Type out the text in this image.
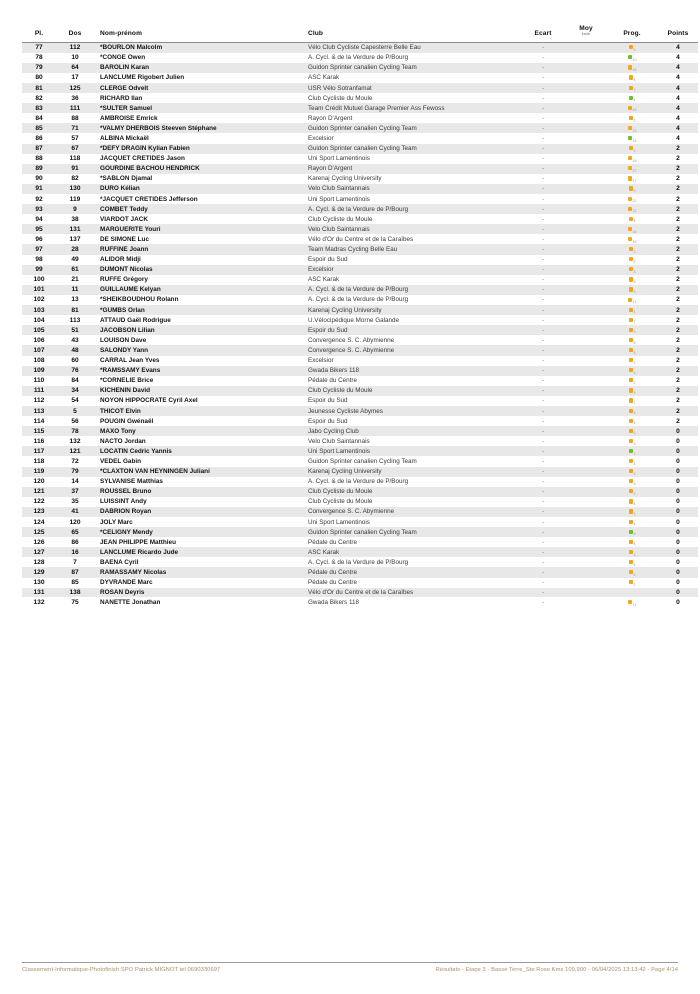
Pl.	Dos	Nom-prénom	Club	Ecart	Moy
km/h	Prog.	Points
77	112	*BOURLON Malcolm	Vélo Club Cycliste Capesterre Belle Eau	-		5	4
78	10	*CONGE Owen	A. Cycl. & de la Verdure de P/Bourg	-		10	4
79	64	BAROLIN Karan	Guidon Sprinter canalien Cycling Team	-		15	4
80	17	LANCLUME Rigobert Julien	ASC Karak	-		4	4
81	125	CLERGE Odvelt	USR Vélo Sotranfamat	-		7	4
82	36	RICHARD Ilan	Club Cycliste du Moule	-		4	4
83	111	*SULTER Samuel	Team Crédit Mutuel Garage Premier Ass Fewoss	-		23	4
84	88	AMBROISE Emrick	Rayon D'Argent	-		3	4
85	71	*VALMY DHERBOIS Steeven Stéphane	Guidon Sprinter canalien Cycling Team	-		13	4
86	57	ALBINA Mickaël	Excelsior	-		14	4
87	67	*DEFY DRAGIN Kylian Fabien	Guidon Sprinter canalien Cycling Team	-		2	2
88	118	JACQUET CRETIDES Jason	Uni Sport Lamentinois	-		18	2
89	91	GOURDINE BACHOU HENDRICK	Rayon D'Argent	-		27	2
90	82	*SABLON Djamal	Karenaj Cycling University	-		17	2
91	130	DURO Kélian	Velo Club Saintannais	-		9	2
92	119	*JACQUET CRETIDES Jefferson	Uni Sport Lamentinois	-		22	2
93	9	COMBET Teddy	A. Cycl. & de la Verdure de P/Bourg	-		12	2
94	38	VIARDOT JACK	Club Cycliste du Moule	-		8	2
95	131	MARGUERITE Youri	Velo Club Saintannais	-		16	2
96	137	DE SIMONE Luc	Vélo d'Or du Centre et de la Caraïbes	-		19	2
97	28	RUFFINE Joann	Team Madras Cycling Belle Eau	-		2	2
98	49	ALIDOR Midji	Espoir du Sud	-		6	2
99	61	DUMONT Nicolas	Excelsior	-		3	2
100	21	RUFFE Grégory	ASC Karak	-		5	2
101	11	GUILLAUME Kelyan	A. Cycl. & de la Verdure de P/Bourg	-		9	2
102	13	*SHEIKBOUDHOU Rolann	A. Cycl. & de la Verdure de P/Bourg	-		11	2
103	81	*GUMBS Orlan	Karenaj Cycling University	-		4	2
104	113	ATTAUD Gaël Rodrigue	U.Vélocipédique Morne Galande	-		7	2
105	51	JACOBSON Lilian	Espoir du Sud	-		3	2
106	43	LOUISON Dave	Convergence S. C. Abymienne	-		8	2
107	48	SALONDY Yann	Convergence S. C. Abymienne	-		5	2
108	60	CARRAL Jean Yves	Excelsior	-		2	2
109	76	*RAMSSAMY Evans	Gwada Bikers 118	-		6	2
110	84	*CORNELIE Brice	Pédale du Centre	-		2	2
111	34	KICHENIN David	Club Cycliste du Moule	-		5	2
112	54	NOYON HIPPOCRATE Cyril Axel	Espoir du Sud	-		1	2
113	5	THICOT Elvin	Jeunesse Cycliste Abymes	-		3	2
114	56	POUGIN Gwénaël	Espoir du Sud	-		4	2
115	78	MAXO Tony	Jabo Cycling Club	-		6	0
116	132	NACTO Jordan	Velo Club Saintannais	-		9	0
117	121	LOCATIN Cedric Yannis	Uni Sport Lamentinois	-		2	0
118	72	VEDEL Gabin	Guidon Sprinter canalien Cycling Team	-		4	0
119	79	*CLAXTON VAN HEYNINGEN Juliani	Karenaj Cycling University	-		5	0
120	14	SYLVANISE Matthias	A. Cycl. & de la Verdure de P/Bourg	-		6	0
121	37	ROUSSEL Bruno	Club Cycliste du Moule	-		3	0
122	35	LUISSINT Andy	Club Cycliste du Moule	-		4	0
123	41	DABRION Royan	Convergence S. C. Abymienne	-		5	0
124	120	JOLY Marc	Uni Sport Lamentinois	-		4	0
125	65	*CELIGNY Mendy	Guidon Sprinter canalien Cycling Team	-		5	0
126	86	JEAN PHILIPPE Matthieu	Pédale du Centre	-		4	0
127	16	LANCLUME Ricardo Jude	ASC Karak	-		3	0
128	7	BAENA Cyril	A. Cycl. & de la Verdure de P/Bourg	-		5	0
129	87	RAMASSAMY Nicolas	Pédale du Centre	-		6	0
130	85	DYVRANDE Marc	Pédale du Centre	-		2	0
131	138	ROSAN Deyris	Vélo d'Or du Centre et de la Caraïbes	-			0
132	75	NANETTE Jonathan	Gwada Bikers 118	-		11	0
Classement-Informatique-Photofinish SPO Patrick MIGNOT tel 0690330697	Résultats - Etape 3 - Basse Terre_Ste Rose Kms 109,900 - 06/04/2025 13:13:42 - Page 4/14
